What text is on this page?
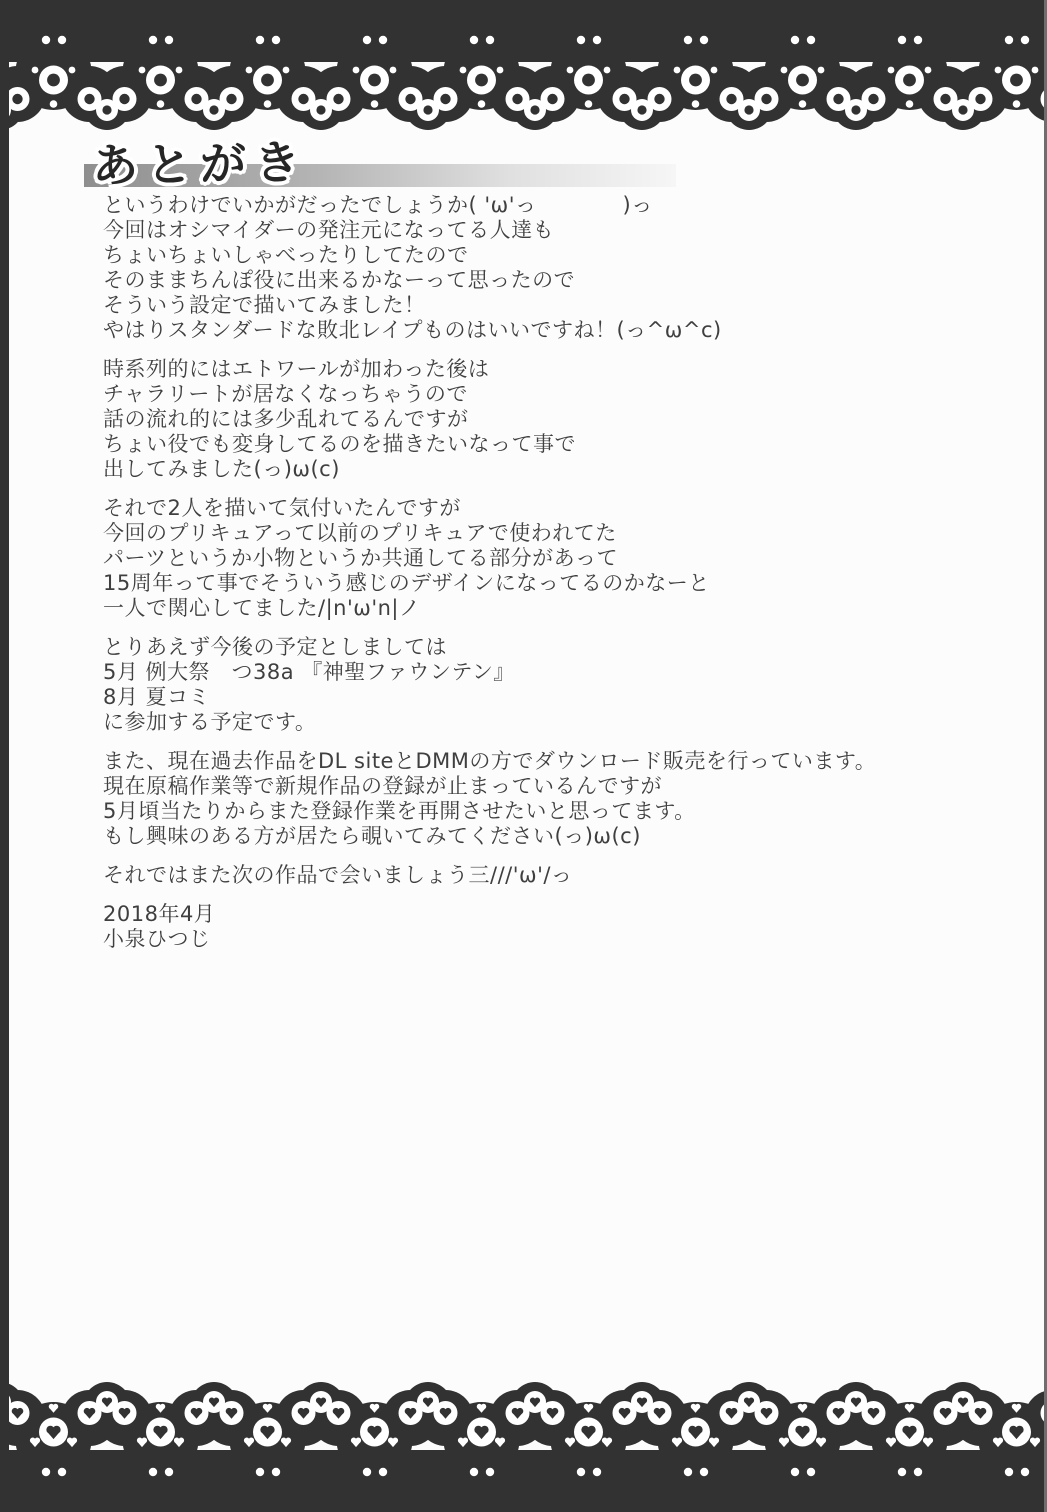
あとがき

というわけでいかがだったでしょうか( 'ω'っ　　　　)っ
今回はオシマイダーの発注元になってる人達も
ちょいちょいしゃべったりしてたので
そのままちんぽ役に出来るかなーって思ったので
そういう設定で描いてみました！
やはりスタンダードな敗北レイプものはいいですね！(っ^ω^c)

時系列的にはエトワールが加わった後は
チャラリートが居なくなっちゃうので
話の流れ的には多少乱れてるんですが
ちょい役でも変身してるのを描きたいなって事で
出してみました(っ)ω(c)

それで2人を描いて気付いたんですが
今回のプリキュアって以前のプリキュアで使われてた
パーツというか小物というか共通してる部分があって
15周年って事でそういう感じのデザインになってるのかなーと
一人で関心してました/|n'ω'n|ノ

とりあえず今後の予定としましては
5月 例大祭　つ38a 『神聖ファウンテン』
8月 夏コミ
に参加する予定です。

また、現在過去作品をDL siteとDMMの方でダウンロード販売を行っています。
現在原稿作業等で新規作品の登録が止まっているんですが
5月頃当たりからまた登録作業を再開させたいと思ってます。
もし興味のある方が居たら覗いてみてください(っ)ω(c)

それではまた次の作品で会いましょう三///'ω'/っ

2018年4月
小泉ひつじ
